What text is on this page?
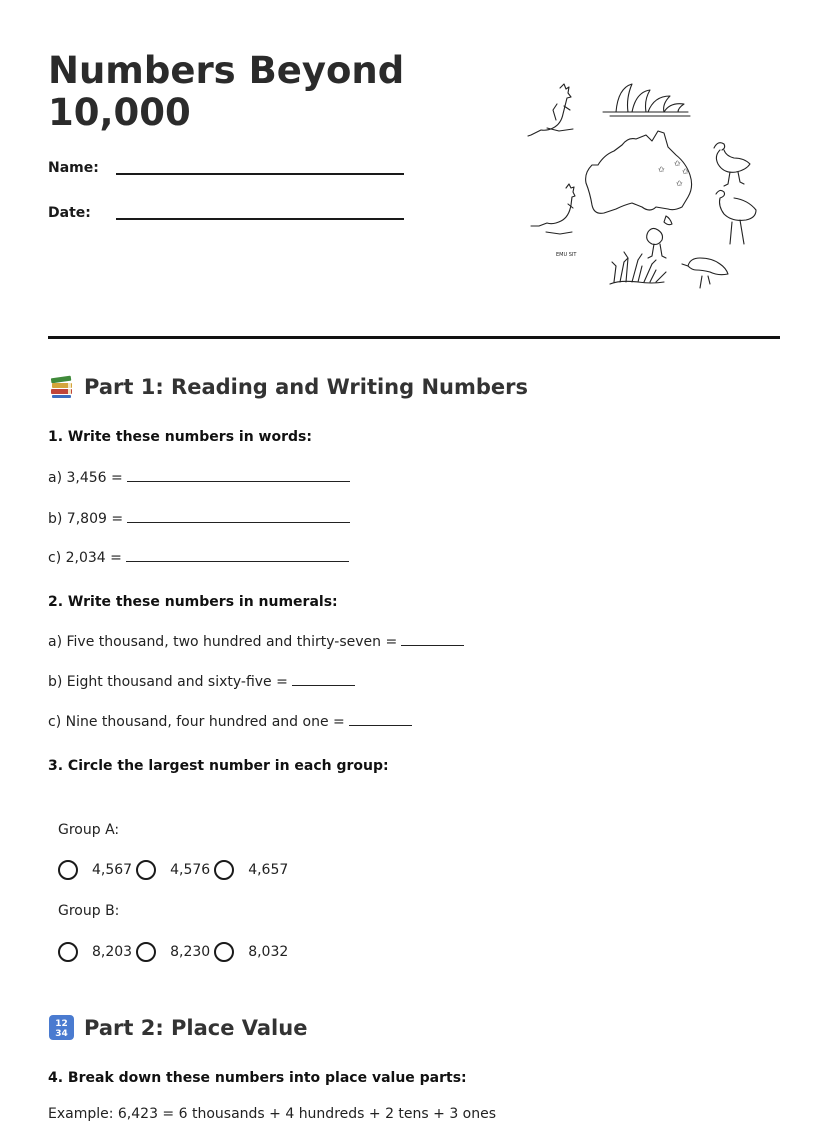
Numbers Beyond 10,000
Name:
Date:
✩
✩
✩
✩
EMU SIT
Part 1: Reading and Writing Numbers

1. Write these numbers in words:

a) 3,456 =

b) 7,809 =

c) 2,034 =

2. Write these numbers in numerals:

a) Five thousand, two hundred and thirty-seven =

b) Eight thousand and sixty-five =

c) Nine thousand, four hundred and one =

3. Circle the largest number in each group:

Group A:

4,567	4,576	4,657

Group B:

8,203	8,230	8,032
12
34 Part 2: Place Value

4. Break down these numbers into place value parts:

Example: 6,423 = 6 thousands + 4 hundreds + 2 tens + 3 ones
